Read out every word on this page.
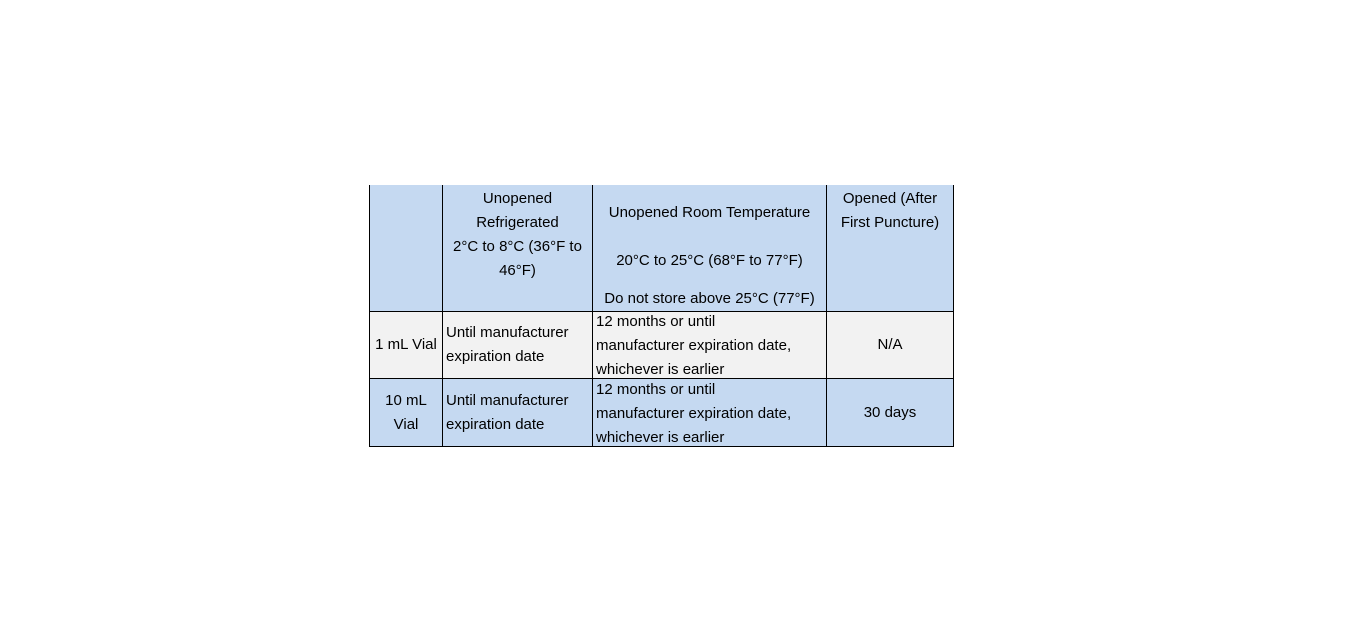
	Unopened
Refrigerated
2°C to 8°C (36°F to
46°F)	Unopened Room Temperature
20°C to 25°C (68°F to 77°F)
Do not store above 25°C (77°F)	Opened (After
First Puncture)
1 mL Vial	Until manufacturer
expiration date	12 months or until
manufacturer expiration date,
whichever is earlier	N/A
10 mL
Vial	Until manufacturer
expiration date	12 months or until
manufacturer expiration date,
whichever is earlier	30 days
